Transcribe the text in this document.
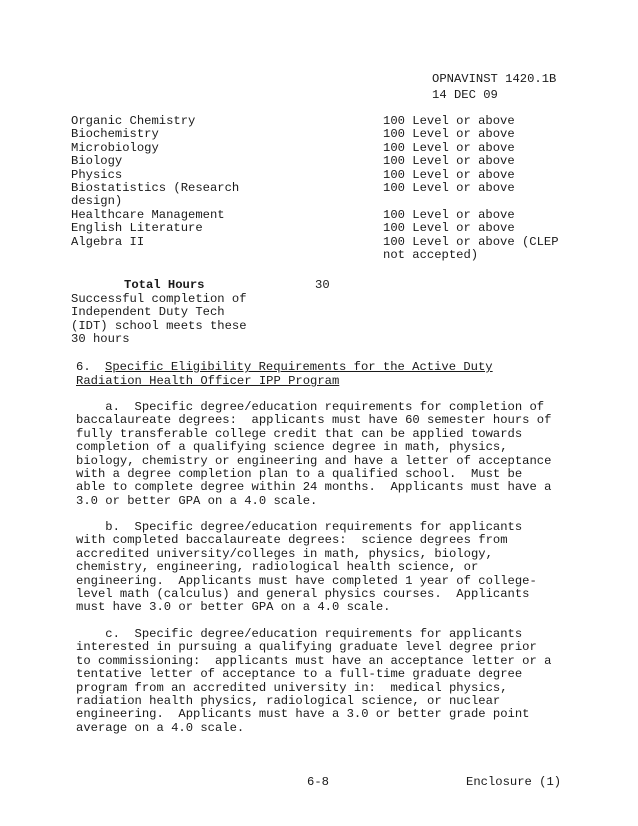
OPNAVINST 1420.1B
14 DEC 09
Organic Chemistry
Biochemistry
Microbiology
Biology
Physics
Biostatistics (Research
design)
Healthcare Management
English Literature
Algebra II
100 Level or above
100 Level or above
100 Level or above
100 Level or above
100 Level or above
100 Level or above
100 Level or above
100 Level or above
100 Level or above (CLEP
not accepted)
Total Hours	30
Successful completion of
Independent Duty Tech
(IDT) school meets these
30 hours
6. Specific Eligibility Requirements for the Active Duty
Radiation Health Officer IPP Program
a.  Specific degree/education requirements for completion of
baccalaureate degrees:  applicants must have 60 semester hours of
fully transferable college credit that can be applied towards
completion of a qualifying science degree in math, physics,
biology, chemistry or engineering and have a letter of acceptance
with a degree completion plan to a qualified school.  Must be
able to complete degree within 24 months.  Applicants must have a
3.0 or better GPA on a 4.0 scale.
b.  Specific degree/education requirements for applicants
with completed baccalaureate degrees:  science degrees from
accredited university/colleges in math, physics, biology,
chemistry, engineering, radiological health science, or
engineering.  Applicants must have completed 1 year of college-
level math (calculus) and general physics courses.  Applicants
must have 3.0 or better GPA on a 4.0 scale.
c.  Specific degree/education requirements for applicants
interested in pursuing a qualifying graduate level degree prior
to commissioning:  applicants must have an acceptance letter or a
tentative letter of acceptance to a full-time graduate degree
program from an accredited university in:  medical physics,
radiation health physics, radiological science, or nuclear
engineering.  Applicants must have a 3.0 or better grade point
average on a 4.0 scale.
6-8	Enclosure (1)
